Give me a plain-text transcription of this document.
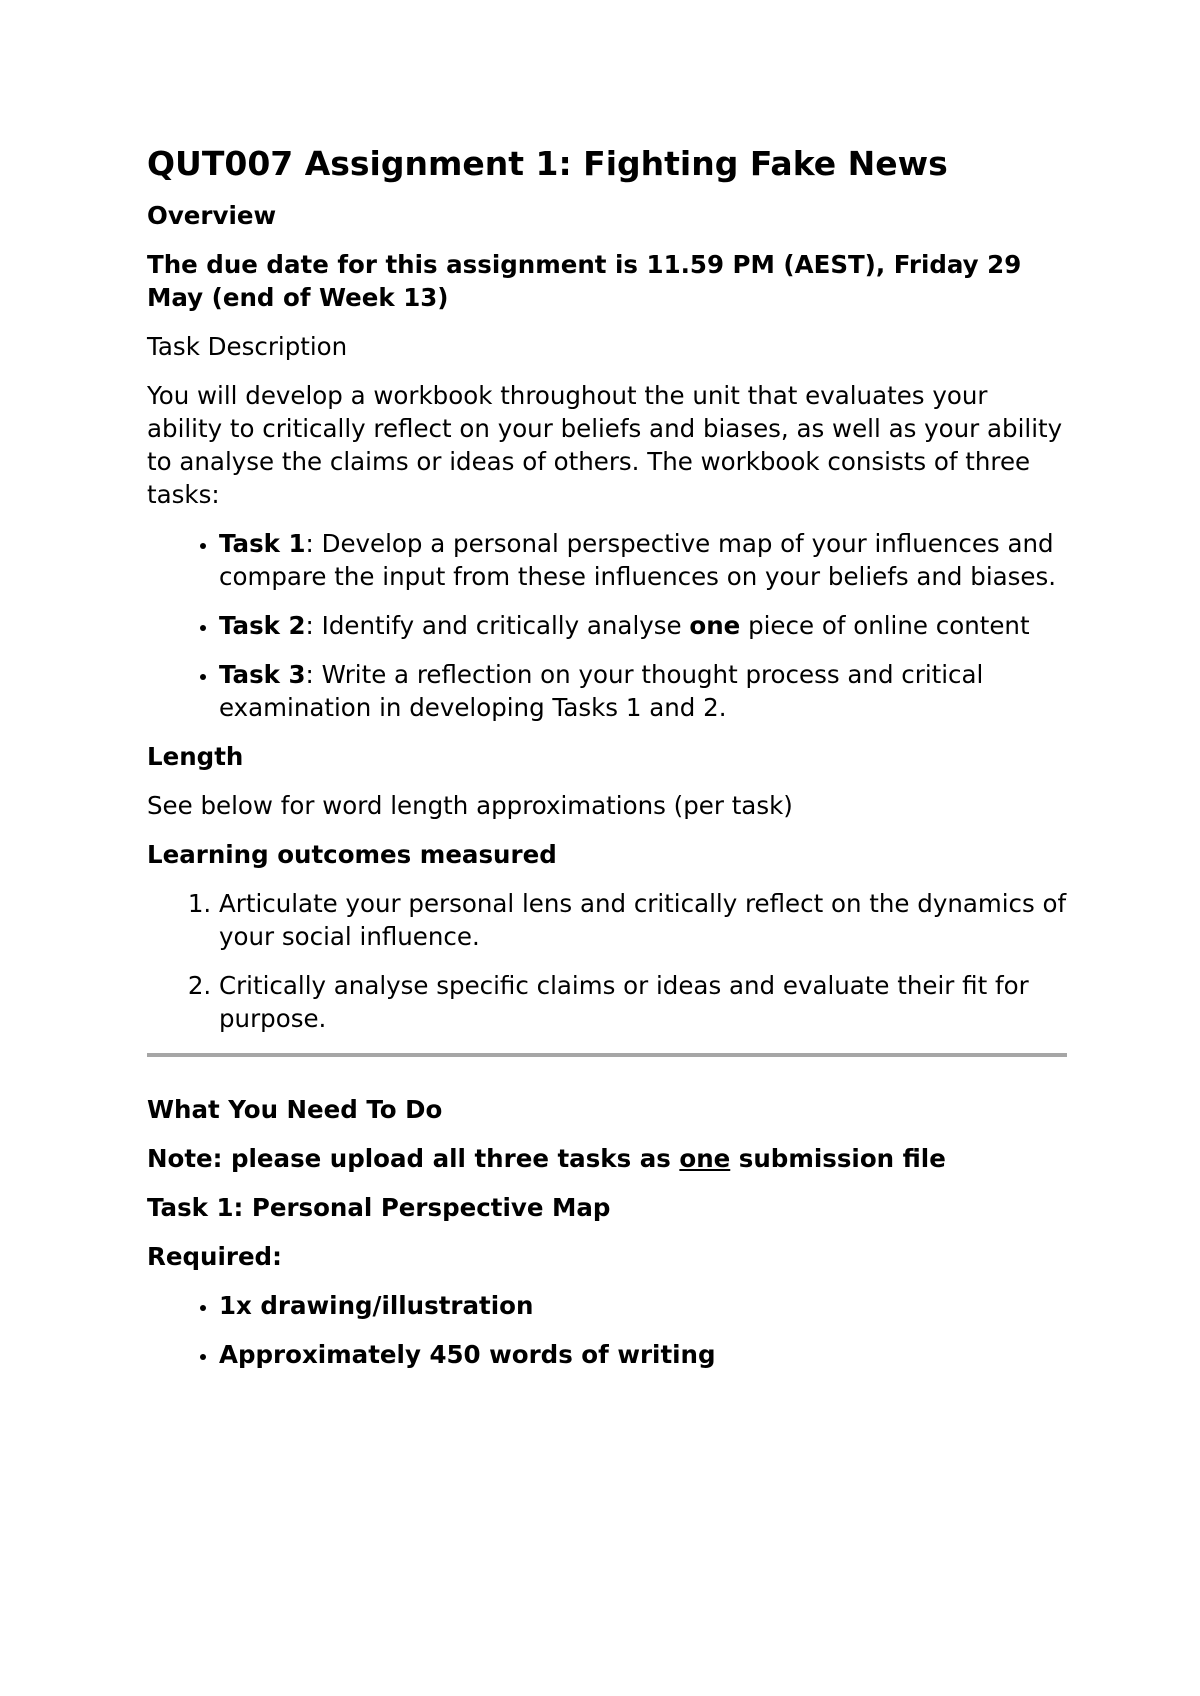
QUT007 Assignment 1: Fighting Fake News

Overview

The due date for this assignment is 11.59 PM (AEST), Friday 29 May (end of Week 13)

Task Description

You will develop a workbook throughout the unit that evaluates your ability to critically reflect on your beliefs and biases, as well as your ability to analyse the claims or ideas of others. The workbook consists of three tasks:

• Task 1: Develop a personal perspective map of your influences and compare the input from these influences on your beliefs and biases.
• Task 2: Identify and critically analyse one piece of online content
• Task 3: Write a reflection on your thought process and critical examination in developing Tasks 1 and 2.

Length

See below for word length approximations (per task)

Learning outcomes measured

1. Articulate your personal lens and critically reflect on the dynamics of your social influence.
2. Critically analyse specific claims or ideas and evaluate their fit for purpose.

What You Need To Do

Note: please upload all three tasks as one submission file

Task 1: Personal Perspective Map

Required:

• 1x drawing/illustration
• Approximately 450 words of writing
